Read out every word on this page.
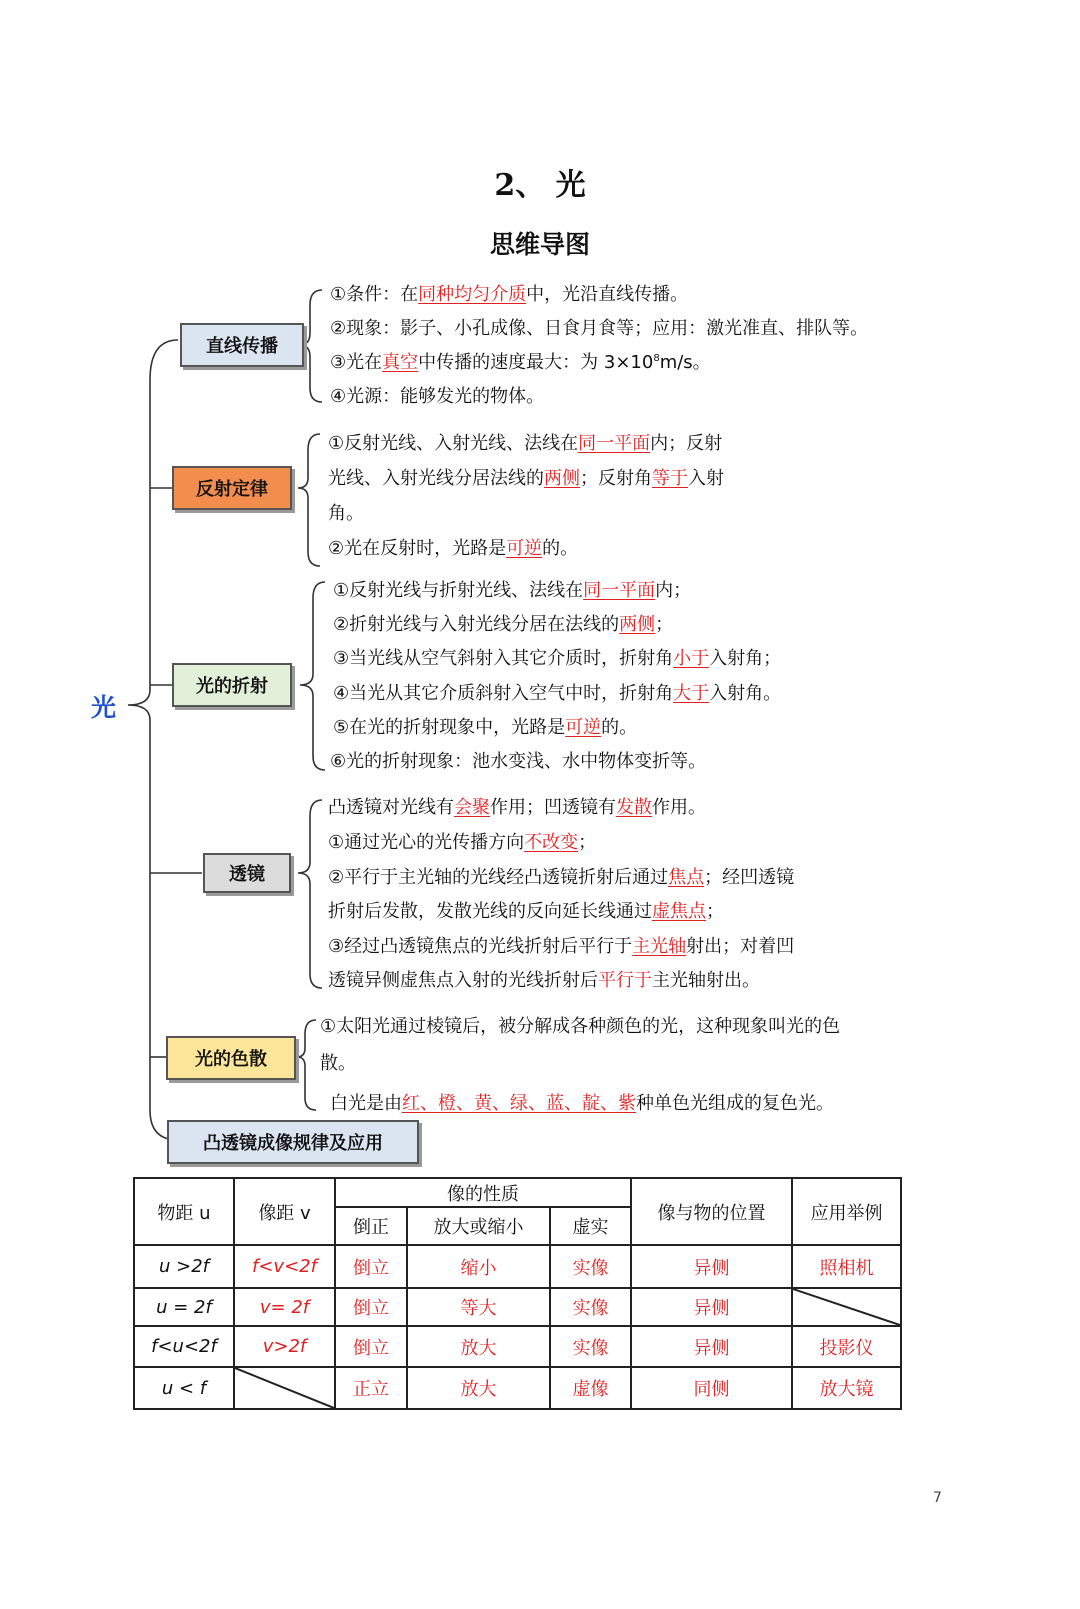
2、 光
思维导图
光
直线传播
反射定律
光的折射
透镜
光的色散
凸透镜成像规律及应用
①条件：在同种均匀介质中，光沿直线传播。
②现象：影子、小孔成像、日食月食等；应用：激光准直、排队等。
③光在真空中传播的速度最大：为 $3\times 10^8m/s$。
④光源：能够发光的物体。
①反射光线、入射光线、法线在同一平面内；反射
光线、入射光线分居法线的两侧；反射角等于入射
角。
②光在反射时，光路是可逆的。
①反射光线与折射光线、法线在同一平面内；
②折射光线与入射光线分居在法线的两侧；
③当光线从空气斜射入其它介质时，折射角小于入射角；
④当光从其它介质斜射入空气中时，折射角大于入射角。
⑤在光的折射现象中，光路是可逆的。
⑥光的折射现象：池水变浅、水中物体变折等。
凸透镜对光线有会聚作用；凹透镜有发散作用。
①通过光心的光传播方向不改变；
②平行于主光轴的光线经凸透镜折射后通过焦点；经凹透镜
折射后发散，发散光线的反向延长线通过虚焦点；
③经过凸透镜焦点的光线折射后平行于主光轴射出；对着凹
透镜异侧虚焦点入射的光线折射后平行于主光轴射出。
①太阳光通过棱镜后，被分解成各种颜色的光，这种现象叫光的色
散。
白光是由红、橙、黄、绿、蓝、靛、紫种单色光组成的复色光。
物距 u	像距 v	像的性质			像与物的位置	应用举例
		倒正	放大或缩小	虚实		
u >2f	f<v<2f	倒立	缩小	实像	异侧	照相机
u = 2f	v= 2f	倒立	等大	实像	异侧	

f<u<2f	v>2f	倒立	放大	实像	异侧	投影仪
u < f		正立	放大	虚像	同侧	放大镜
7
